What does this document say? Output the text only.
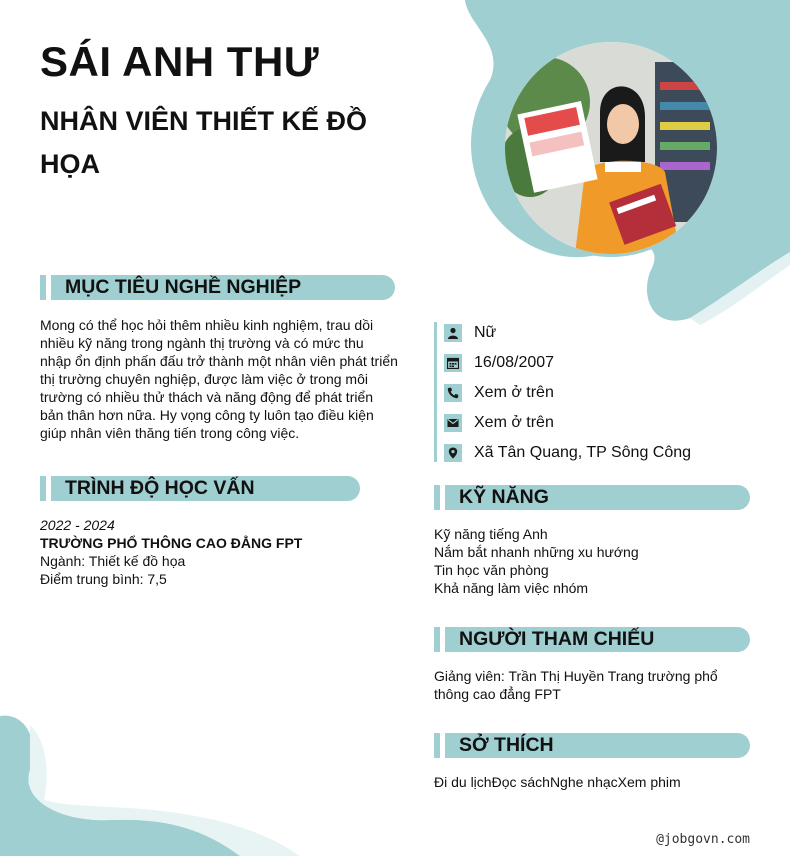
SÁI ANH THƯ
NHÂN VIÊN THIẾT KẾ ĐỒ HỌA
MỤC TIÊU NGHỀ NGHIỆP
Mong có thể học hỏi thêm nhiều kinh nghiệm, trau dồi nhiều kỹ năng trong ngành thị trường và có mức thu nhập ổn định phấn đấu trở thành một nhân viên phát triển thị trường chuyên nghiệp, được làm việc ở trong môi trường có nhiều thử thách và năng động để phát triển bản thân hơn nữa. Hy vọng công ty luôn tạo điều kiện giúp nhân viên thăng tiến trong công việc.
TRÌNH ĐỘ HỌC VẤN
2022 - 2024
TRƯỜNG PHỔ THÔNG CAO ĐẲNG FPT
Ngành: Thiết kế đồ họa
Điểm trung bình: 7,5
Nữ
16/08/2007
Xem ở trên
Xem ở trên
Xã Tân Quang, TP Sông Công
KỸ NĂNG
Kỹ năng tiếng Anh
Nắm bắt nhanh những xu hướng
Tin học văn phòng
Khả năng làm việc nhóm
NGƯỜI THAM CHIẾU
Giảng viên: Trần Thị Huyền Trang trường phổ thông cao đẳng FPT
SỞ THÍCH
Đi du lịchĐọc sáchNghe nhạcXem phim
@jobgovn.com
